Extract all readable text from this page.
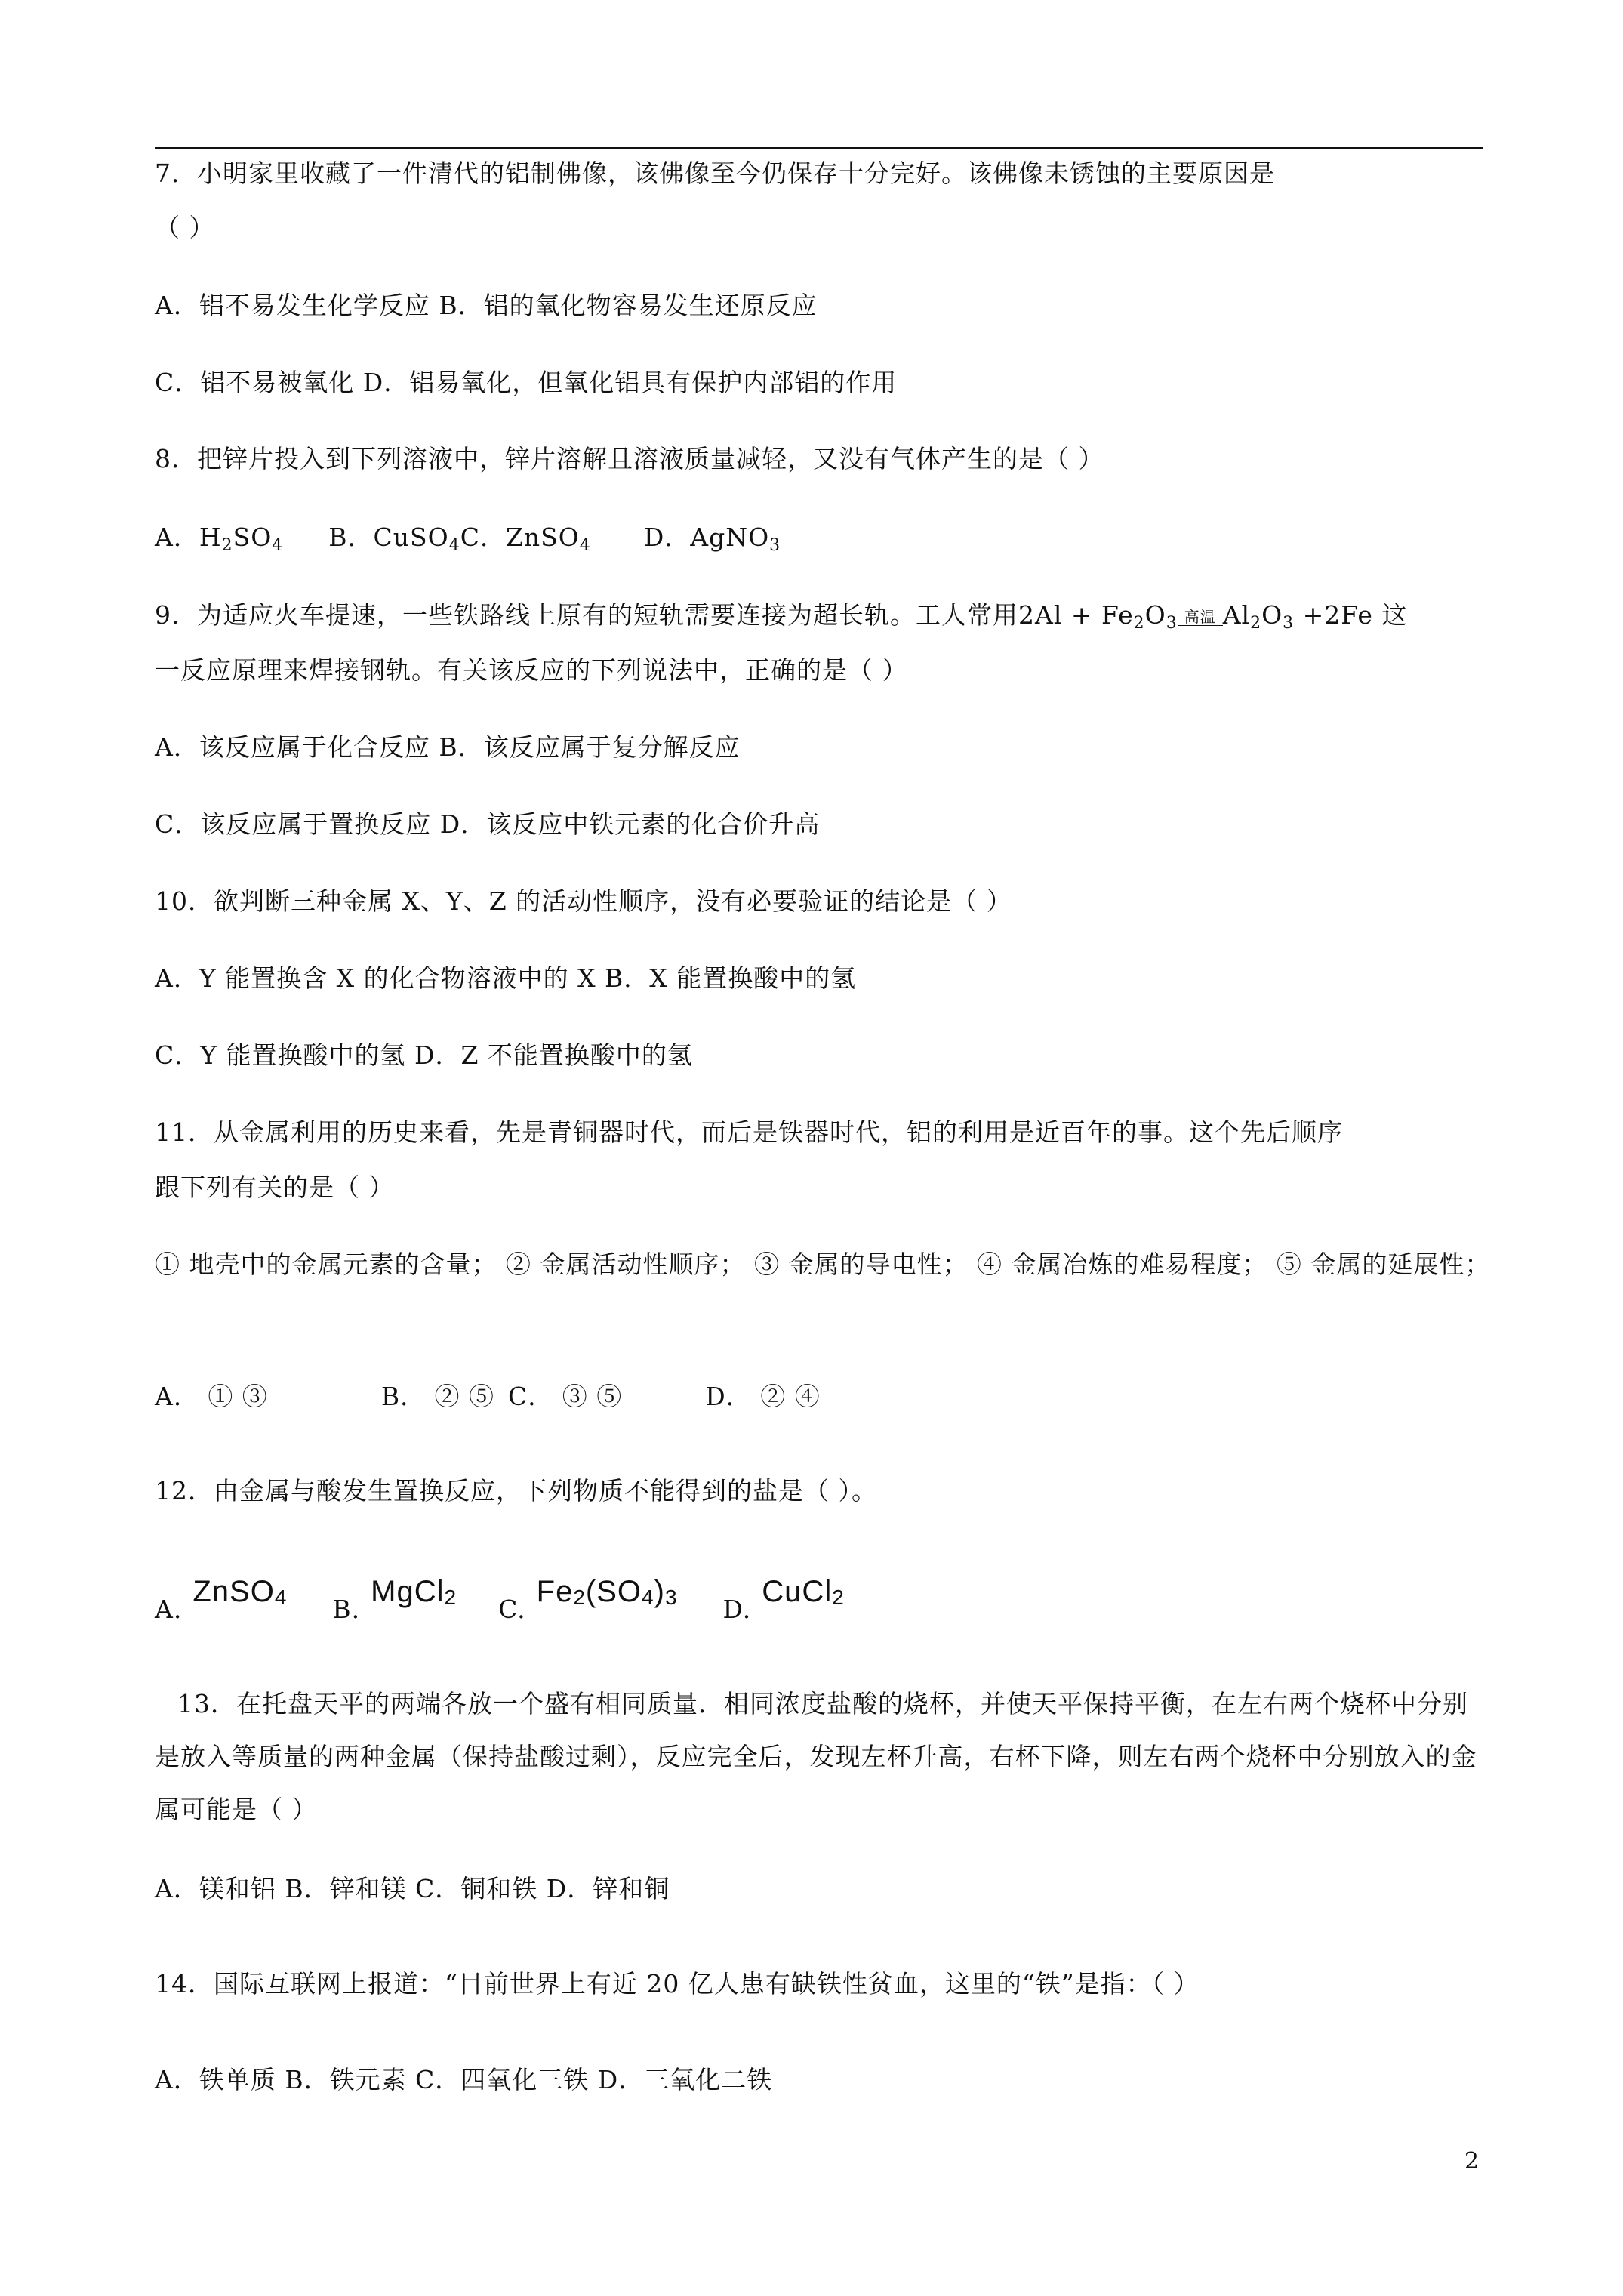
7．小明家里收藏了一件清代的铝制佛像，该佛像至今仍保存十分完好。该佛像未锈蚀的主要原因是
（ ）
A．铝不易发生化学反应 B．铝的氧化物容易发生还原反应
C．铝不易被氧化 D．铝易氧化，但氧化铝具有保护内部铝的作用
8．把锌片投入到下列溶液中，锌片溶解且溶液质量减轻，又没有气体产生的是（ ）
A．$H_2SO_4$ B．CuSO$_4$C．ZnSO$_4$ D．AgNO$_3$
9．为适应火车提速，一些铁路线上原有的短轨需要连接为超长轨。工人常用$2Al + Fe_2O_3$ 高温 $Al_2O_3 +2Fe$ 这
一反应原理来焊接钢轨。有关该反应的下列说法中，正确的是（ ）
A．该反应属于化合反应 B．该反应属于复分解反应
C．该反应属于置换反应 D．该反应中铁元素的化合价升高
10．欲判断三种金属 X、Y、Z 的活动性顺序，没有必要验证的结论是（ ）
A．Y 能置换含 X 的化合物溶液中的 X B．X 能置换酸中的氢
C．Y 能置换酸中的氢 D．Z 不能置换酸中的氢
11．从金属利用的历史来看，先是青铜器时代，而后是铁器时代，铝的利用是近百年的事。这个先后顺序
跟下列有关的是（ ）
① 地壳中的金属元素的含量； ② 金属活动性顺序； ③ 金属的导电性； ④ 金属冶炼的难易程度； ⑤ 金属的延展性；
A． ① ③	B． ② ⑤ C． ③ ⑤	D． ② ④
12．由金属与酸发生置换反应，下列物质不能得到的盐是（ ）。
A.ZnSO$_4$ B.MgCl$_2$ $C.Fe_2(SO_4)_3$ D.CuCl$_2$
13．在托盘天平的两端各放一个盛有相同质量．相同浓度盐酸的烧杯，并使天平保持平衡，在左右两个烧杯中分别是放入等质量的两种金属（保持盐酸过剩），反应完全后，发现左杯升高，右杯下降，则左右两个烧杯中分别放入的金属可能是（ ）
A．镁和铝 B．锌和镁 C．铜和铁 D．锌和铜
14．国际互联网上报道：“目前世界上有近 20 亿人患有缺铁性贫血，这里的“铁”是指：（ ）
A．铁单质 B．铁元素 C．四氧化三铁 D．三氧化二铁
2
